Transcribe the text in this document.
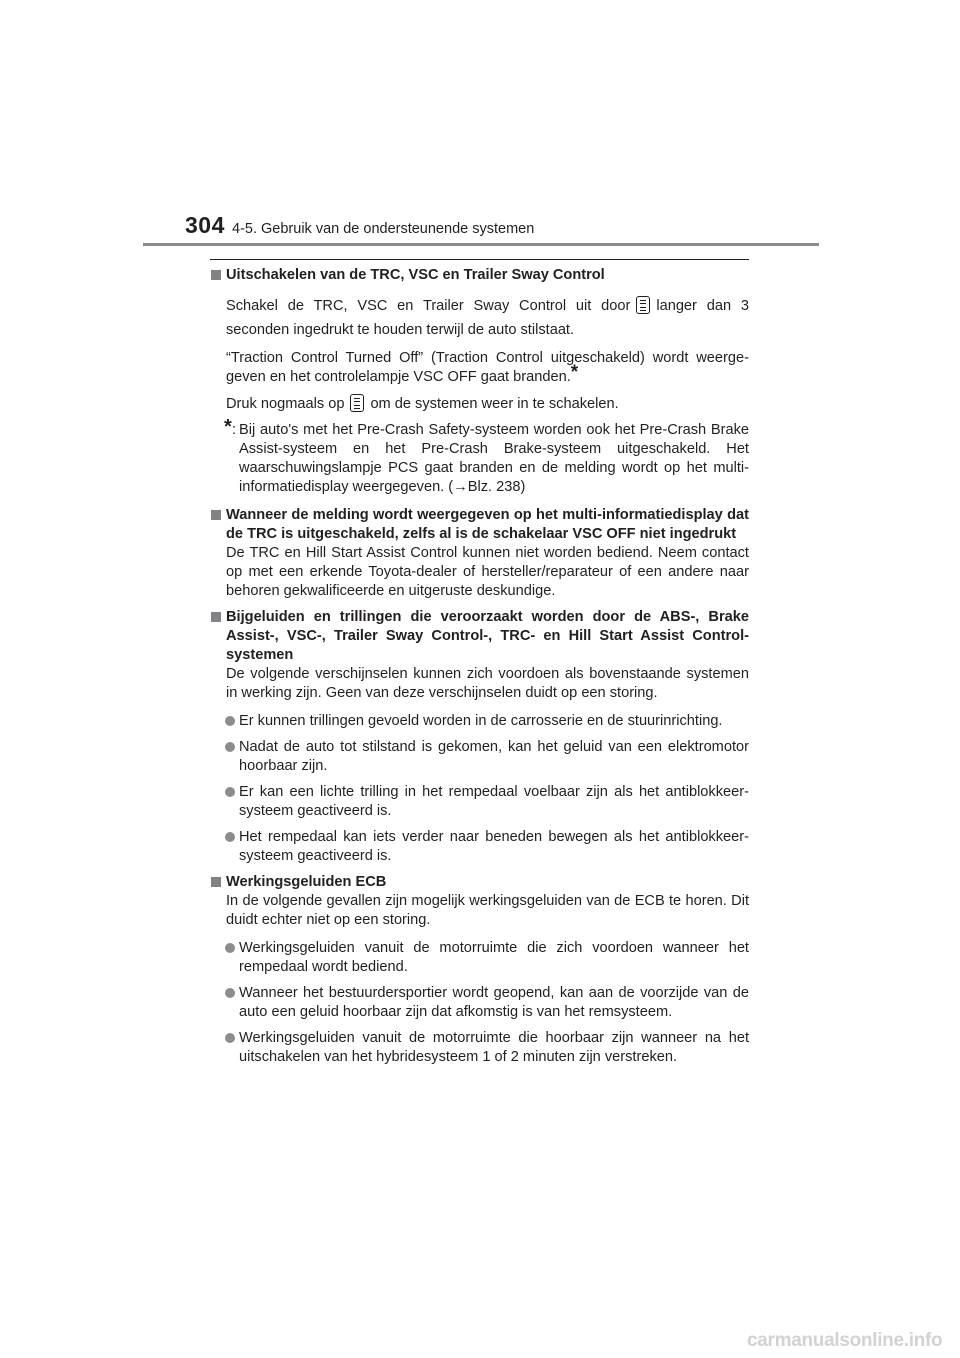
304 4-5. Gebruik van de ondersteunende systemen
Uitschakelen van de TRC, VSC en Trailer Sway Control
Schakel de TRC, VSC en Trailer Sway Control uit door langer dan 3 seconden ingedrukt te houden terwijl de auto stilstaat.
“Traction Control Turned Off” (Traction Control uitgeschakeld) wordt weergegeven en het controlelampje VSC OFF gaat branden.*
Druk nogmaals op om de systemen weer in te schakelen.
* : Bij auto's met het Pre-Crash Safety-systeem worden ook het Pre-Crash Brake Assist-systeem en het Pre-Crash Brake-systeem uitgeschakeld. Het waarschuwingslampje PCS gaat branden en de melding wordt op het multi-informatiedisplay weergegeven. (→Blz. 238)
Wanneer de melding wordt weergegeven op het multi-informatiedisplay dat de TRC is uitgeschakeld, zelfs al is de schakelaar VSC OFF niet ingedrukt
De TRC en Hill Start Assist Control kunnen niet worden bediend. Neem contact op met een erkende Toyota-dealer of hersteller/reparateur of een andere naar behoren gekwalificeerde en uitgeruste deskundige.
Bijgeluiden en trillingen die veroorzaakt worden door de ABS-, Brake Assist-, VSC-, Trailer Sway Control-, TRC- en Hill Start Assist Control-systemen
De volgende verschijnselen kunnen zich voordoen als bovenstaande systemen in werking zijn. Geen van deze verschijnselen duidt op een storing.
Er kunnen trillingen gevoeld worden in de carrosserie en de stuurinrichting.
Nadat de auto tot stilstand is gekomen, kan het geluid van een elektromotor hoorbaar zijn.
Er kan een lichte trilling in het rempedaal voelbaar zijn als het antiblokkeersysteem geactiveerd is.
Het rempedaal kan iets verder naar beneden bewegen als het antiblokkeersysteem geactiveerd is.
Werkingsgeluiden ECB
In de volgende gevallen zijn mogelijk werkingsgeluiden van de ECB te horen. Dit duidt echter niet op een storing.
Werkingsgeluiden vanuit de motorruimte die zich voordoen wanneer het rempedaal wordt bediend.
Wanneer het bestuurdersportier wordt geopend, kan aan de voorzijde van de auto een geluid hoorbaar zijn dat afkomstig is van het remsysteem.
Werkingsgeluiden vanuit de motorruimte die hoorbaar zijn wanneer na het uitschakelen van het hybridesysteem 1 of 2 minuten zijn verstreken.
carmanualsonline.info
